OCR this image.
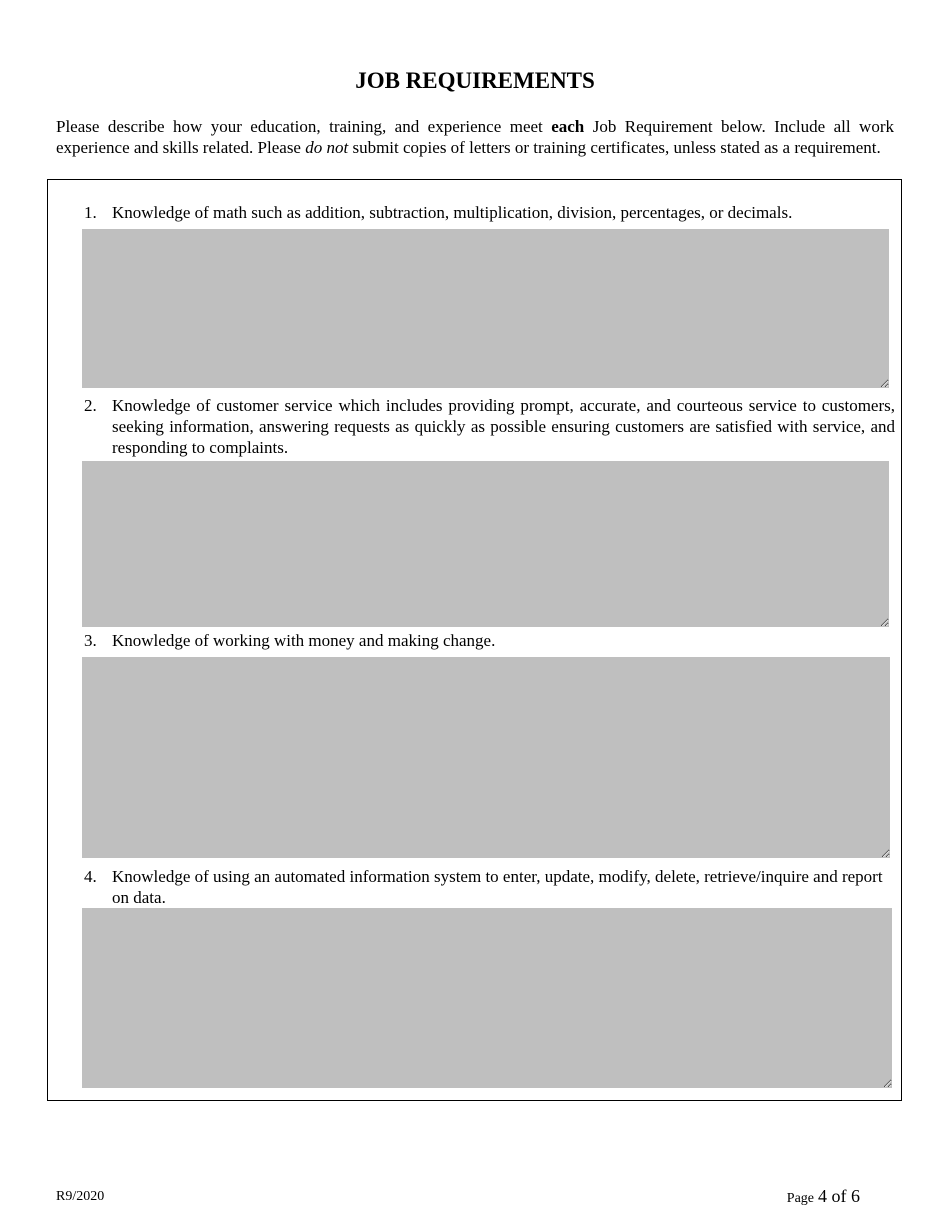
JOB REQUIREMENTS
Please describe how your education, training, and experience meet each Job Requirement below. Include all work experience and skills related. Please do not submit copies of letters or training certificates, unless stated as a requirement.
1. Knowledge of math such as addition, subtraction, multiplication, division, percentages, or decimals.
2. Knowledge of customer service which includes providing prompt, accurate, and courteous service to customers, seeking information, answering requests as quickly as possible ensuring customers are satisfied with service, and responding to complaints.
3. Knowledge of working with money and making change.
4. Knowledge of using an automated information system to enter, update, modify, delete, retrieve/inquire and report on data.
R9/2020	Page 4 of 6
